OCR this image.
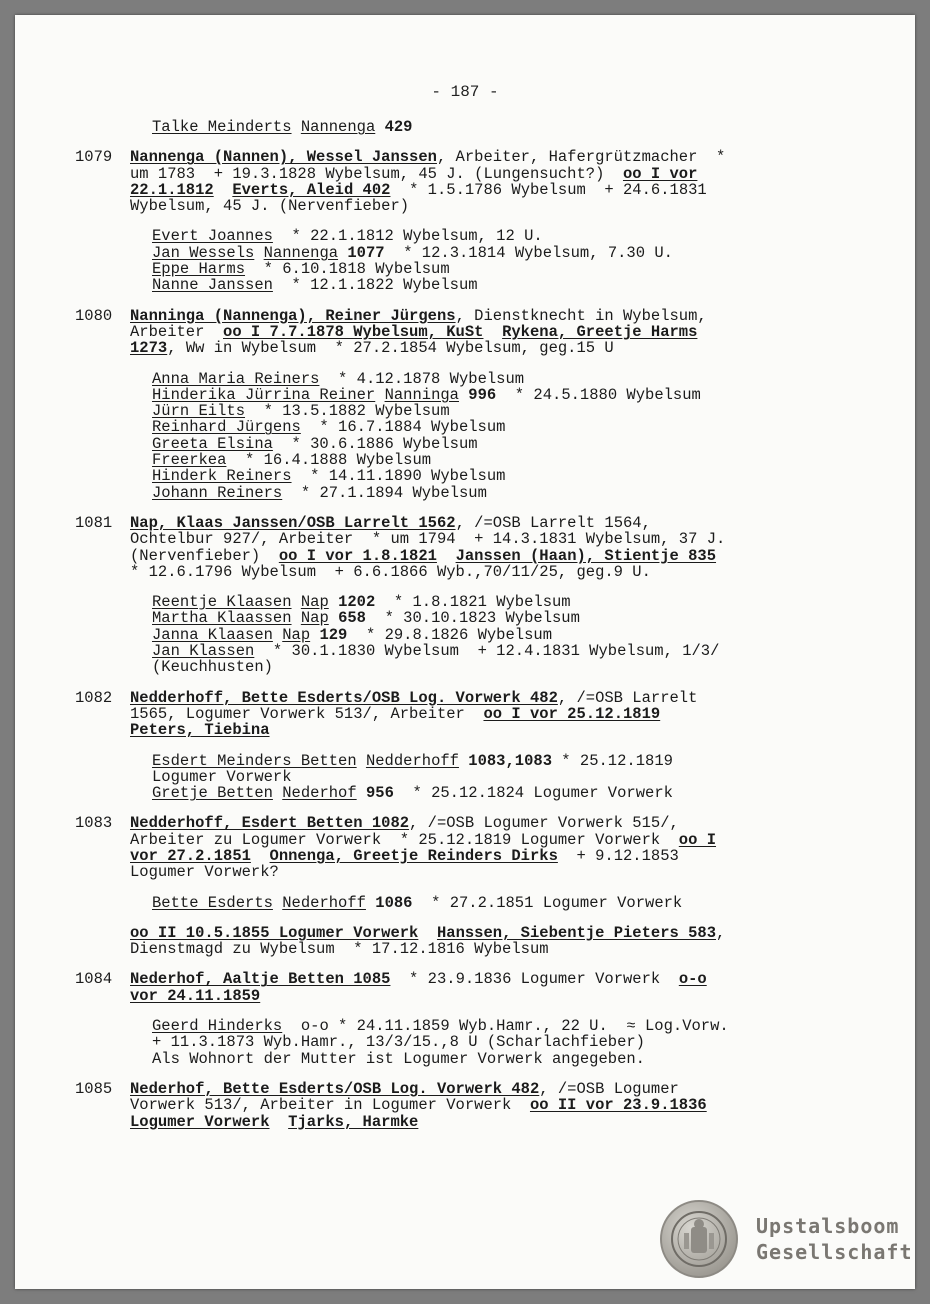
- 187 -
Talke Meinderts Nannenga 429
1079	Nannenga (Nannen), Wessel Janssen, Arbeiter, Hafergrützmacher  *
um 1783  + 19.3.1828 Wybelsum, 45 J. (Lungensucht?)  oo I vor
22.1.1812 Everts, Aleid 402  * 1.5.1786 Wybelsum  + 24.6.1831
Wybelsum, 45 J. (Nervenfieber)
Evert Joannes  * 22.1.1812 Wybelsum, 12 U.
Jan Wessels Nannenga 1077  * 12.3.1814 Wybelsum, 7.30 U.
Eppe Harms  * 6.10.1818 Wybelsum
Nanne Janssen  * 12.1.1822 Wybelsum
1080	Nanninga (Nannenga), Reiner Jürgens, Dienstknecht in Wybelsum,
Arbeiter  oo I 7.7.1878 Wybelsum, KuSt Rykena, Greetje Harms
1273, Ww in Wybelsum  * 27.2.1854 Wybelsum, geg.15 U
Anna Maria Reiners  * 4.12.1878 Wybelsum
Hinderika Jürrina Reiner Nanninga 996  * 24.5.1880 Wybelsum
Jürn Eilts  * 13.5.1882 Wybelsum
Reinhard Jürgens  * 16.7.1884 Wybelsum
Greeta Elsina  * 30.6.1886 Wybelsum
Freerkea  * 16.4.1888 Wybelsum
Hinderk Reiners  * 14.11.1890 Wybelsum
Johann Reiners  * 27.1.1894 Wybelsum
1081	Nap, Klaas Janssen/OSB Larrelt 1562, /=OSB Larrelt 1564,
Ochtelbur 927/, Arbeiter  * um 1794  + 14.3.1831 Wybelsum, 37 J.
(Nervenfieber)  oo I vor 1.8.1821 Janssen (Haan), Stientje 835
* 12.6.1796 Wybelsum  + 6.6.1866 Wyb.,70/11/25, geg.9 U.
Reentje Klaasen Nap 1202  * 1.8.1821 Wybelsum
Martha Klaassen Nap 658  * 30.10.1823 Wybelsum
Janna Klaasen Nap 129  * 29.8.1826 Wybelsum
Jan Klassen  * 30.1.1830 Wybelsum  + 12.4.1831 Wybelsum, 1/3/
(Keuchhusten)
1082	Nedderhoff, Bette Esderts/OSB Log. Vorwerk 482, /=OSB Larrelt
1565, Logumer Vorwerk 513/, Arbeiter  oo I vor 25.12.1819
Peters, Tiebina
Esdert Meinders Betten Nedderhoff 1083,1083 * 25.12.1819
Logumer Vorwerk
Gretje Betten Nederhof 956  * 25.12.1824 Logumer Vorwerk
1083	Nedderhoff, Esdert Betten 1082, /=OSB Logumer Vorwerk 515/,
Arbeiter zu Logumer Vorwerk  * 25.12.1819 Logumer Vorwerk  oo I
vor 27.2.1851 Onnenga, Greetje Reinders Dirks  + 9.12.1853
Logumer Vorwerk?
Bette Esderts Nederhoff 1086  * 27.2.1851 Logumer Vorwerk
oo II 10.5.1855 Logumer Vorwerk Hanssen, Siebentje Pieters 583,
Dienstmagd zu Wybelsum  * 17.12.1816 Wybelsum
1084	Nederhof, Aaltje Betten 1085  * 23.9.1836 Logumer Vorwerk  o-o
vor 24.11.1859
Geerd Hinderks  o-o * 24.11.1859 Wyb.Hamr., 22 U.  ≈ Log.Vorw.
+ 11.3.1873 Wyb.Hamr., 13/3/15.,8 U (Scharlachfieber)
Als Wohnort der Mutter ist Logumer Vorwerk angegeben.
1085	Nederhof, Bette Esderts/OSB Log. Vorwerk 482, /=OSB Logumer
Vorwerk 513/, Arbeiter in Logumer Vorwerk  oo II vor 23.9.1836
Logumer Vorwerk Tjarks, Harmke
Upstalsboom
Gesellschaft
